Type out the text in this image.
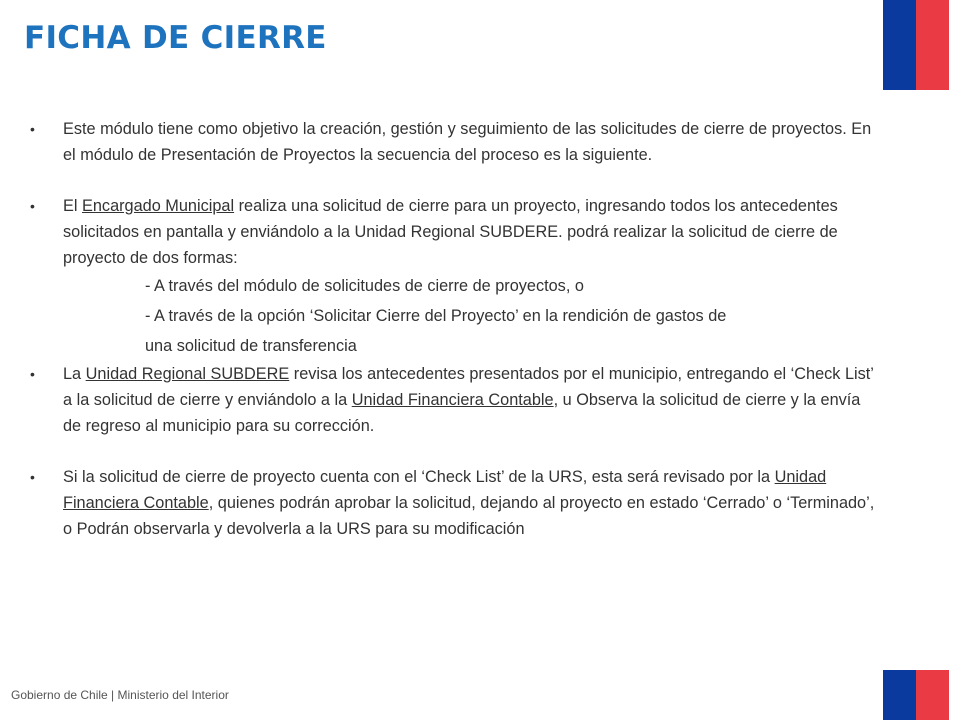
FICHA DE CIERRE
• Este módulo tiene como objetivo la creación, gestión y seguimiento de las solicitudes de cierre de proyectos. En el módulo de Presentación de Proyectos la secuencia del proceso es la siguiente.
• El Encargado Municipal realiza una solicitud de cierre para un proyecto, ingresando todos los antecedentes solicitados en pantalla y enviándolo a la Unidad Regional SUBDERE. podrá realizar la solicitud de cierre de proyecto de dos formas:
- A través del módulo de solicitudes de cierre de proyectos, o
- A través de la opción ‘Solicitar Cierre del Proyecto’ en la rendición de gastos de
una solicitud de transferencia
• La Unidad Regional SUBDERE revisa los antecedentes presentados por el municipio, entregando el ‘Check List’ a la solicitud de cierre y enviándolo a la Unidad Financiera Contable, u Observa la solicitud de cierre y la envía de regreso al municipio para su corrección.
• Si la solicitud de cierre de proyecto cuenta con el ‘Check List’ de la URS, esta será revisado por la Unidad Financiera Contable, quienes podrán aprobar la solicitud, dejando al proyecto en estado ‘Cerrado’ o ‘Terminado’, o Podrán observarla y devolverla a la URS para su modificación
Gobierno de Chile | Ministerio del Interior
